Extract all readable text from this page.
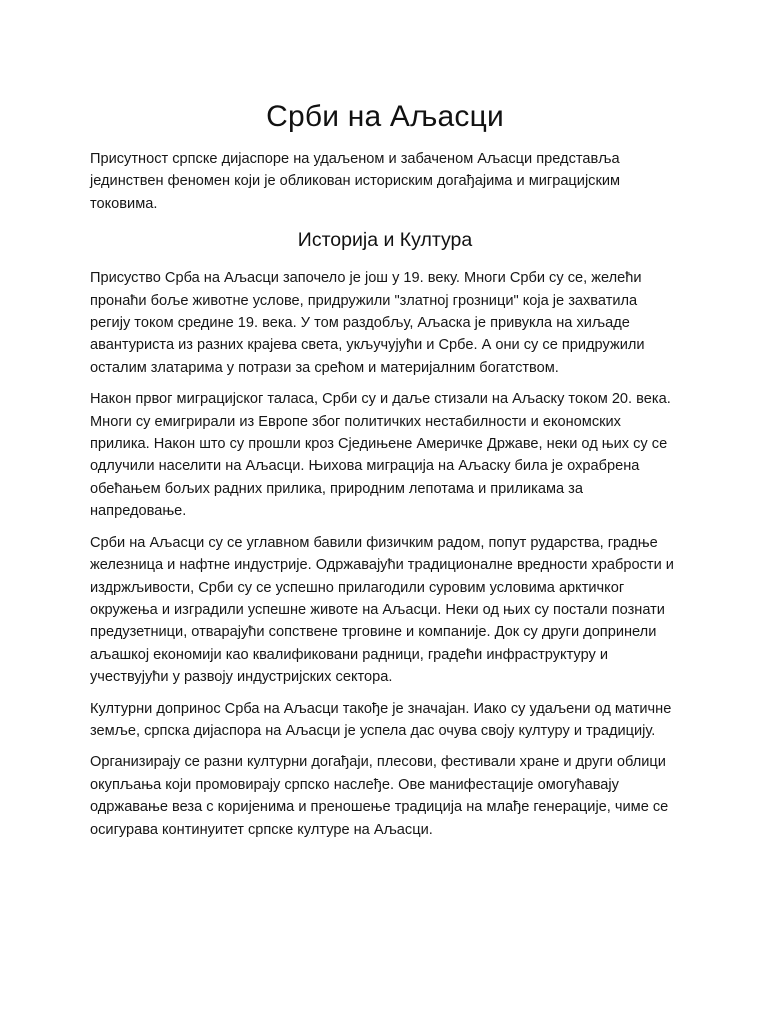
Срби на Аљасци

Присутност српске дијаспоре на удаљеном и забаченом Аљасци представља јединствен феномен који је обликован историским догађајима и миграцијским токовима.

Историја и Култура

Присуство Срба на Аљасци започело је још у 19. веку. Многи Срби су се, желећи пронаћи боље животне услове, придружили "златној грозници" која је захватила регију током средине 19. века. У том раздобљу, Аљаска је привукла на хиљаде авантуриста из разних крајева света, укључујући и Србе. А они су се придружили осталим златарима у потрази за срећом и материјалним богатством.

Након првог миграцијског таласа, Срби су и даље стизали на Аљаску током 20. века. Многи су емигрирали из Европе због политичких нестабилности и економских прилика. Након што су прошли кроз Сједињене Америчке Државе, неки од њих су се одлучили населити на Аљасци. Њихова миграција на Аљаску била је охрабрена обећањем бољих радних прилика, природним лепотама и приликама за напредовање.

Срби на Аљасци су се углавном бавили физичким радом, попут рударства, градње железница и нафтне индустрије. Одржавајући традиционалне вредности храбрости и издржљивости, Срби су се успешно прилагодили суровим условима арктичког окружења и изградили успешне животе на Аљасци. Неки од њих су постали познати предузетници, отварајући сопствене трговине и компаније. Док су други допринели аљашкој економији као квалификовани радници, градећи инфраструктуру и учествујући у развоју индустријских сектора.

Културни допринос Срба на Аљасци такође је значајан. Иако су удаљени од матичне земље, српска дијаспора на Аљасци је успела дас очува своју културу и традицију.

Организирају се разни културни догађаји, плесови, фестивали хране и други облици окупљања који промовирају српско наслеђе. Ове манифестације омогућавају одржавање веза с коријенима и преношење традиција на млађе генерације, чиме се осигурава континуитет српске културе на Аљасци.
